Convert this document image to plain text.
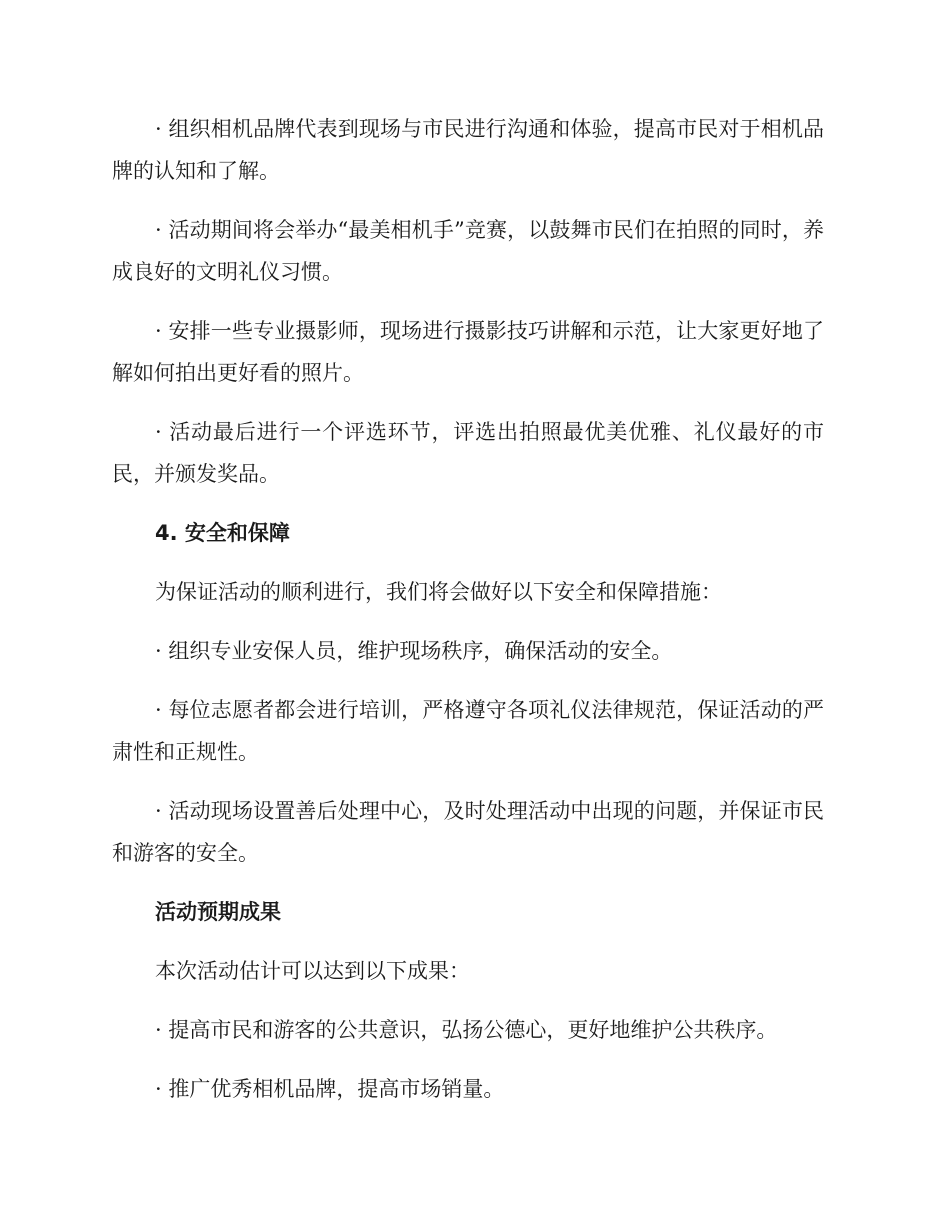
· 组织相机品牌代表到现场与市民进行沟通和体验，提高市民对于相机品牌的认知和了解。

· 活动期间将会举办“最美相机手”竞赛，以鼓舞市民们在拍照的同时，养成良好的文明礼仪习惯。

· 安排一些专业摄影师，现场进行摄影技巧讲解和示范，让大家更好地了解如何拍出更好看的照片。

· 活动最后进行一个评选环节，评选出拍照最优美优雅、礼仪最好的市民，并颁发奖品。

4. 安全和保障

为保证活动的顺利进行，我们将会做好以下安全和保障措施：

· 组织专业安保人员，维护现场秩序，确保活动的安全。

· 每位志愿者都会进行培训，严格遵守各项礼仪法律规范，保证活动的严肃性和正规性。

· 活动现场设置善后处理中心，及时处理活动中出现的问题，并保证市民和游客的安全。

活动预期成果

本次活动估计可以达到以下成果：

· 提高市民和游客的公共意识，弘扬公德心，更好地维护公共秩序。

· 推广优秀相机品牌，提高市场销量。
